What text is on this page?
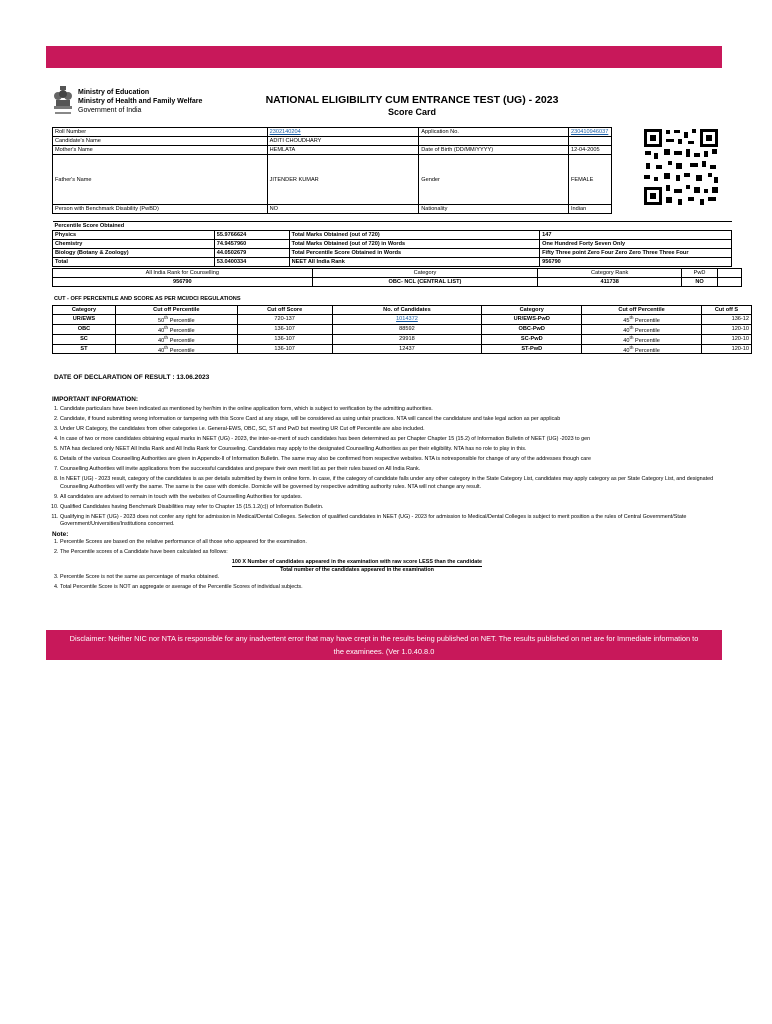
Ministry of Education
Ministry of Health and Family Welfare
Government of India
NATIONAL ELIGIBILITY CUM ENTRANCE TEST (UG) - 2023
Score Card
Roll Number	2302140204	Application No.	230410946037
Candidate's Name	ADITI CHOUDHARY		
Mother's Name	HEMLATA	Date of Birth (DD/MM/YYYY)	12-04-2005
Father's Name	JITENDER KUMAR	Gender	FEMALE
Person with Benchmark Disability (PwBD)	NO	Nationality	Indian
Percentile Score Obtained			
Physics	55.9766624	Total Marks Obtained (out of 720)	147
Chemistry	74.9457960	Total Marks Obtained (out of 720) in Words	One Hundred Forty Seven Only
Biology (Botany & Zoology)	44.0502679	Total Percentile Score Obtained in Words	Fifty Three point Zero Four Zero Zero Three Three Four
Total	53.0400334	NEET All India Rank	956790
All India Rank for Counselling	Category	Category Rank	PwD	
956790	OBC- NCL (CENTRAL LIST)	411738	NO	
CUT - OFF PERCENTILE AND SCORE AS PER MCI/DCI REGULATIONS
Category	Cut off Percentile	Cut off Score	No. of Candidates	Category	Cut off Percentile	Cut off S
UR/EWS	50th Percentile	720-137	1014372	UR/EWS-PwD	45th Percentile	136-12
OBC	40th Percentile	136-107	88592	OBC-PwD	40th Percentile	120-10
SC	40th Percentile	136-107	29918	SC-PwD	40th Percentile	120-10
ST	40th Percentile	136-107	12437	ST-PwD	40th Percentile	120-10
DATE OF DECLARATION OF RESULT : 13.06.2023
IMPORTANT INFORMATION:
1. Candidate particulars have been indicated as mentioned by her/him in the online application form, which is subject to verification by the admitting authorities.
2. Candidate, if found submitting wrong information or tampering with this Score Card at any stage, will be considered as using unfair practices. NTA will cancel the candidature and take legal action as per applicab
3. Under UR Category, the candidates from other categories i.e. General-EWS, OBC, SC, ST and PwD but meeting UR Cut off Percentile are also included.
4. In case of two or more candidates obtaining equal marks in NEET (UG) - 2023, the inter-se-merit of such candidates has been determined as per Chapter Chapter 15 (15.2) of Information Bulletin of NEET (UG) -2023 to gen
5. NTA has declared only NEET All India Rank and All India Rank for Counseling. Candidates may apply to the designated Counselling Authorities as per their eligibility. NTA has no role to play in this.
6. Details of the various Counselling Authorities are given in Appendix-II of Information Bulletin. The same may also be confirmed from respective websites. NTA is notresponsible for change of any of the addresses though care
7. Counselling Authorities will invite applications from the successful candidates and prepare their own merit list as per their rules based on All India Rank.
8. In NEET (UG) - 2023 result, category of the candidates is as per details submitted by them in online form. In case, if the category of candidate falls under any other category in the State Category List, candidates may apply category as per State Category List, and designated Counselling Authorities will verify the same. The same is the case with domicile. Domicile will be governed by respective admitting authority rules. NTA will not change any result.
9. All candidates are advised to remain in touch with the websites of Counselling Authorities for updates.
10. Qualified Candidates having Benchmark Disabilities may refer to Chapter 15 (15.1.2(c)) of Information Bulletin.
11. Qualifying in NEET (UG) - 2023 does not confer any right for admission in Medical/Dental Colleges. Selection of qualified candidates in NEET (UG) - 2023 for admission to Medical/Dental Colleges is subject to merit position a the rules of Central Government/State Government/Universities/Institutions concerned.
Note:
1. Percentile Scores are based on the relative performance of all those who appeared for the examination.
2. The Percentile scores of a Candidate have been calculated as follows:
100 X Number of candidates appeared in the examination with raw score LESS than the candidate
Total number of the candidates appeared in the examination
3. Percentile Score is not the same as percentage of marks obtained.
4. Total Percentile Score is NOT an aggregate or average of the Percentile Scores of individual subjects.
Disclaimer: Neither NIC nor NTA is responsible for any inadvertent error that may have crept in the results being published on NET. The results published on net are for Immediate information to the examinees. (Ver 1.0.40.8.0
